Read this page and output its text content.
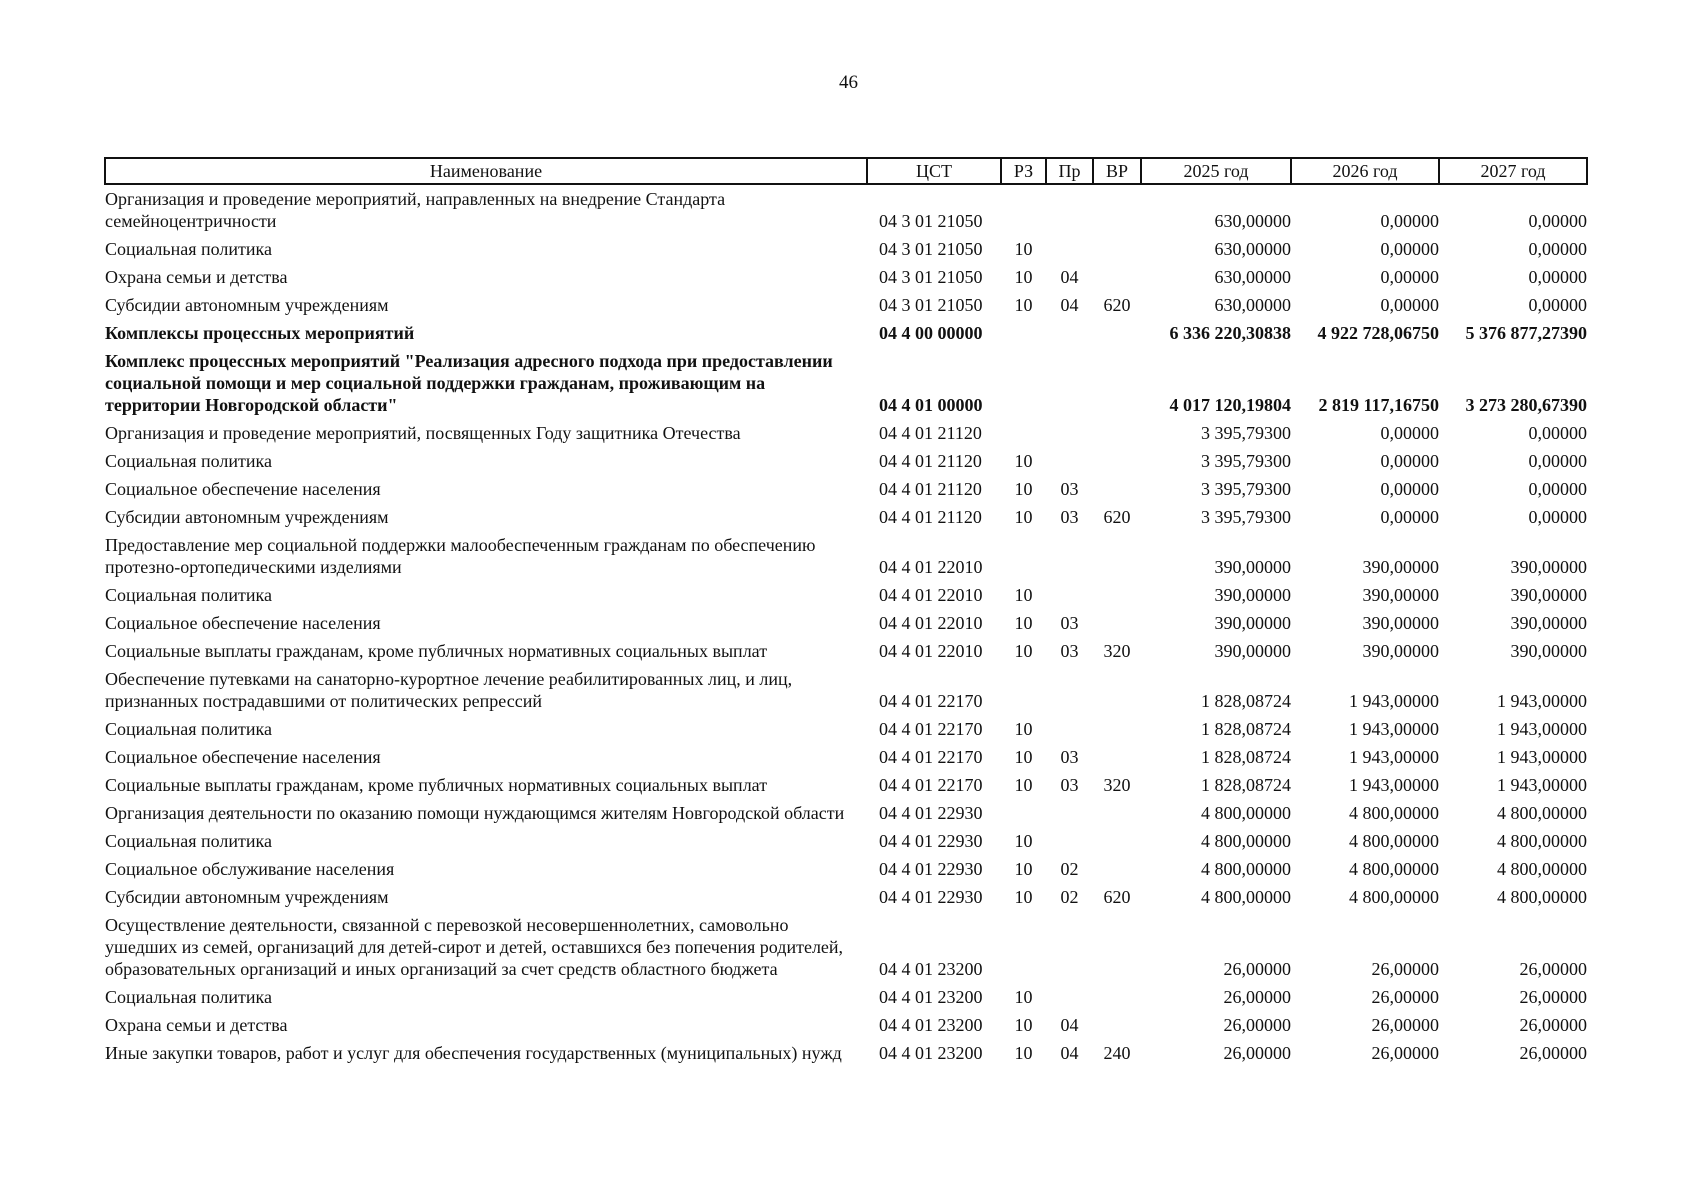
46
Наименование	ЦСТ	РЗ	Пр	ВР	2025 год	2026 год	2027 год
Организация и проведение мероприятий, направленных на внедрение Стандарта семейноцентричности	04 3 01 21050				630,00000	0,00000	0,00000
Социальная политика	04 3 01 21050	10			630,00000	0,00000	0,00000
Охрана семьи и детства	04 3 01 21050	10	04		630,00000	0,00000	0,00000
Субсидии автономным учреждениям	04 3 01 21050	10	04	620	630,00000	0,00000	0,00000
Комплексы процессных мероприятий	04 4 00 00000				6 336 220,30838	4 922 728,06750	5 376 877,27390
Комплекс процессных мероприятий "Реализация адресного подхода при предоставлении социальной помощи и мер социальной поддержки гражданам, проживающим на территории Новгородской области"	04 4 01 00000				4 017 120,19804	2 819 117,16750	3 273 280,67390
Организация и проведение мероприятий, посвященных Году защитника Отечества	04 4 01 21120				3 395,79300	0,00000	0,00000
Социальная политика	04 4 01 21120	10			3 395,79300	0,00000	0,00000
Социальное обеспечение населения	04 4 01 21120	10	03		3 395,79300	0,00000	0,00000
Субсидии автономным учреждениям	04 4 01 21120	10	03	620	3 395,79300	0,00000	0,00000
Предоставление мер социальной поддержки малообеспеченным гражданам по обеспечению протезно-ортопедическими изделиями	04 4 01 22010				390,00000	390,00000	390,00000
Социальная политика	04 4 01 22010	10			390,00000	390,00000	390,00000
Социальное обеспечение населения	04 4 01 22010	10	03		390,00000	390,00000	390,00000
Социальные выплаты гражданам, кроме публичных нормативных социальных выплат	04 4 01 22010	10	03	320	390,00000	390,00000	390,00000
Обеспечение путевками на санаторно-курортное лечение реабилитированных лиц, и лиц, признанных пострадавшими от политических репрессий	04 4 01 22170				1 828,08724	1 943,00000	1 943,00000
Социальная политика	04 4 01 22170	10			1 828,08724	1 943,00000	1 943,00000
Социальное обеспечение населения	04 4 01 22170	10	03		1 828,08724	1 943,00000	1 943,00000
Социальные выплаты гражданам, кроме публичных нормативных социальных выплат	04 4 01 22170	10	03	320	1 828,08724	1 943,00000	1 943,00000
Организация деятельности по оказанию помощи нуждающимся жителям Новгородской области	04 4 01 22930				4 800,00000	4 800,00000	4 800,00000
Социальная политика	04 4 01 22930	10			4 800,00000	4 800,00000	4 800,00000
Социальное обслуживание населения	04 4 01 22930	10	02		4 800,00000	4 800,00000	4 800,00000
Субсидии автономным учреждениям	04 4 01 22930	10	02	620	4 800,00000	4 800,00000	4 800,00000
Осуществление деятельности, связанной с перевозкой несовершеннолетних, самовольно ушедших из семей, организаций для детей-сирот и детей, оставшихся без попечения родителей, образовательных организаций и иных организаций за счет средств областного бюджета	04 4 01 23200				26,00000	26,00000	26,00000
Социальная политика	04 4 01 23200	10			26,00000	26,00000	26,00000
Охрана семьи и детства	04 4 01 23200	10	04		26,00000	26,00000	26,00000
Иные закупки товаров, работ и услуг для обеспечения государственных (муниципальных) нужд	04 4 01 23200	10	04	240	26,00000	26,00000	26,00000
